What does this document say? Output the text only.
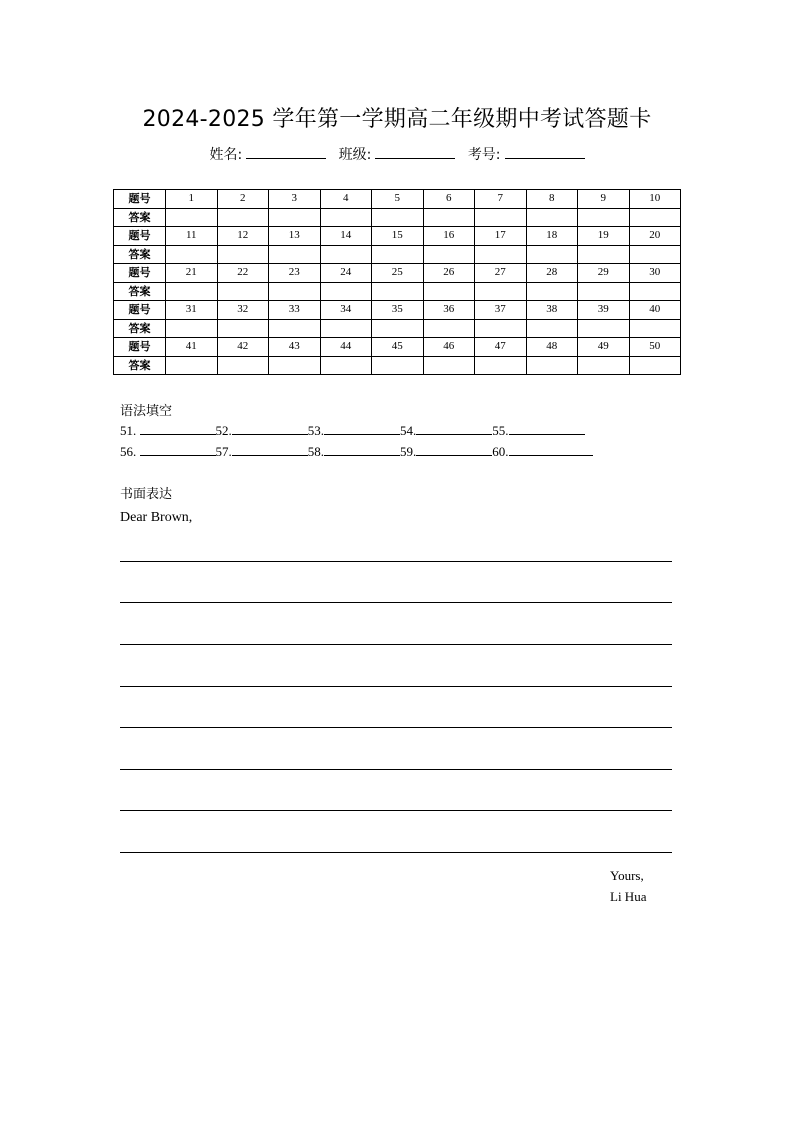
2024-2025 学年第一学期高二年级期中考试答题卡
姓名:	班级:	考号:
题号	1	2	3	4	5	6	7	8	9	10
答案										
题号	11	12	13	14	15	16	17	18	19	20
答案										
题号	21	22	23	24	25	26	27	28	29	30
答案										
题号	31	32	33	34	35	36	37	38	39	40
答案										
题号	41	42	43	44	45	46	47	48	49	50
答案										
语法填空
51.	52.	53.	54.	55.
56.	57.	58.	59.	60.
书面表达
Dear Brown,
Yours,
Li Hua
